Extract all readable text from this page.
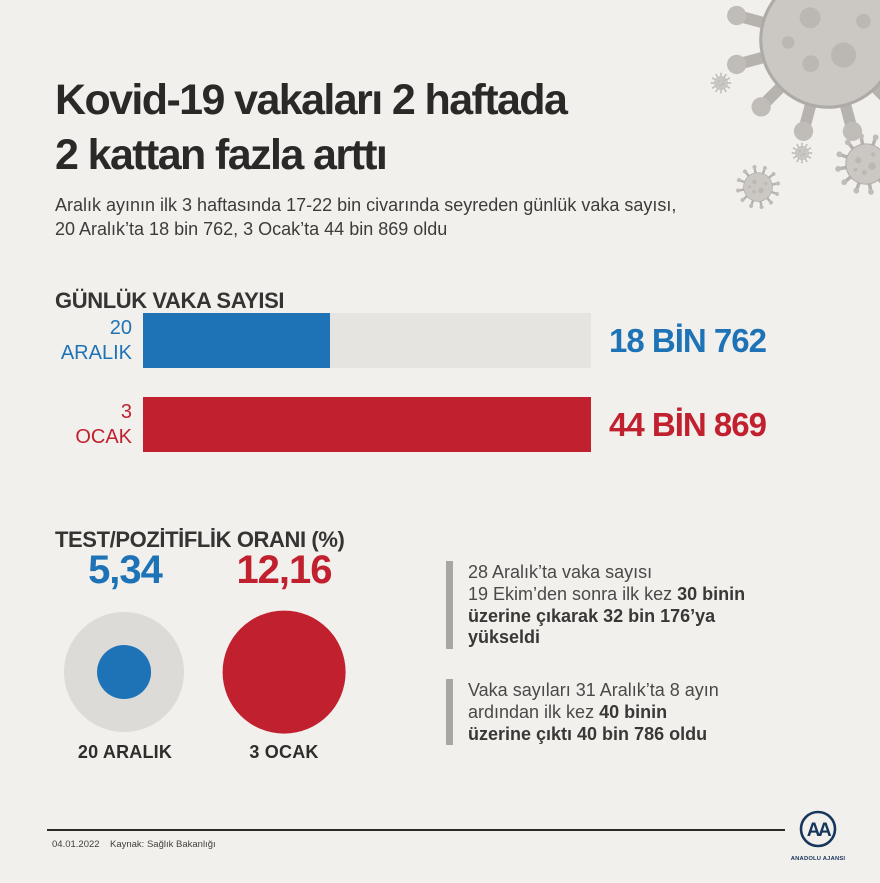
Kovid-19 vakaları 2 haftada
2 kattan fazla arttı

Aralık ayının ilk 3 haftasında 17-22 bin civarında seyreden günlük vaka sayısı,
20 Aralık’ta 18 bin 762, 3 Ocak’ta 44 bin 869 oldu

GÜNLÜK VAKA SAYISI
20
ARALIK	18 BİN 762
3
OCAK	44 BİN 869
TEST/POZİTİFLİK ORANI (%)
5,34	12,16
20 ARALIK	3 OCAK
28 Aralık’ta vaka sayısı
19 Ekim’den sonra ilk kez 30 binin
üzerine çıkarak 32 bin 176’ya
yükseldi
Vaka sayıları 31 Aralık’ta 8 ayın
ardından ilk kez 40 binin
üzerine çıktı 40 bin 786 oldu
04.01.2022 Kaynak: Sağlık Bakanlığı
AA
ANADOLU AJANSI
